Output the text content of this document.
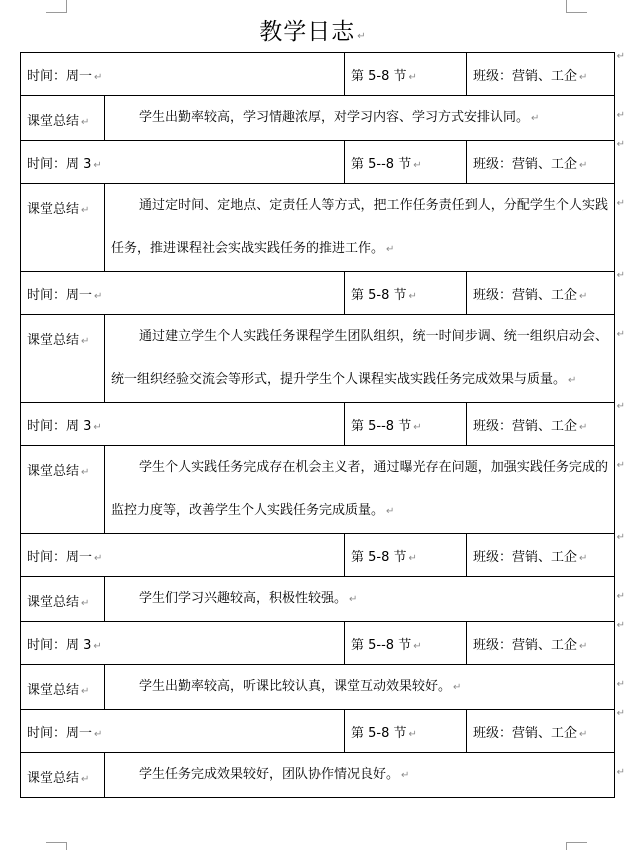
教学日志 ↵
时间：周一 ↵		第 5-8 节 ↵	班级：营销、工企 ↵
↵

课堂总结 ↵	学生出勤率较高，学习情趣浓厚，对学习内容、学习方式安排认同。 ↵ ↵		

时间：周 3 ↵		第 5--8 节 ↵	班级：营销、工企 ↵
↵

课堂总结 ↵	通过定时间、定地点、定责任人等方式，把工作任务责任到人，分配学生个人实践任务，推进课程社会实战实践任务的推进工作。 ↵
↵		

时间：周一 ↵		第 5-8 节 ↵	班级：营销、工企 ↵
↵

课堂总结 ↵	通过建立学生个人实践任务课程学生团队组织，统一时间步调、统一组织启动会、统一组织经验交流会等形式，提升学生个人课程实战实践任务完成效果与质量。 ↵
↵		

时间：周 3 ↵		第 5--8 节 ↵	班级：营销、工企 ↵
↵

课堂总结 ↵	学生个人实践任务完成存在机会主义者，通过曝光存在问题，加强实践任务完成的监控力度等，改善学生个人实践任务完成质量。 ↵
↵		

时间：周一 ↵		第 5-8 节 ↵	班级：营销、工企 ↵
↵

课堂总结 ↵	学生们学习兴趣较高，积极性较强。 ↵ ↵		

时间：周 3 ↵		第 5--8 节 ↵	班级：营销、工企 ↵
↵

课堂总结 ↵	学生出勤率较高，听课比较认真，课堂互动效果较好。 ↵ ↵		

时间：周一 ↵		第 5-8 节 ↵	班级：营销、工企 ↵
↵

课堂总结 ↵	学生任务完成效果较好，团队协作情况良好。 ↵ ↵		
